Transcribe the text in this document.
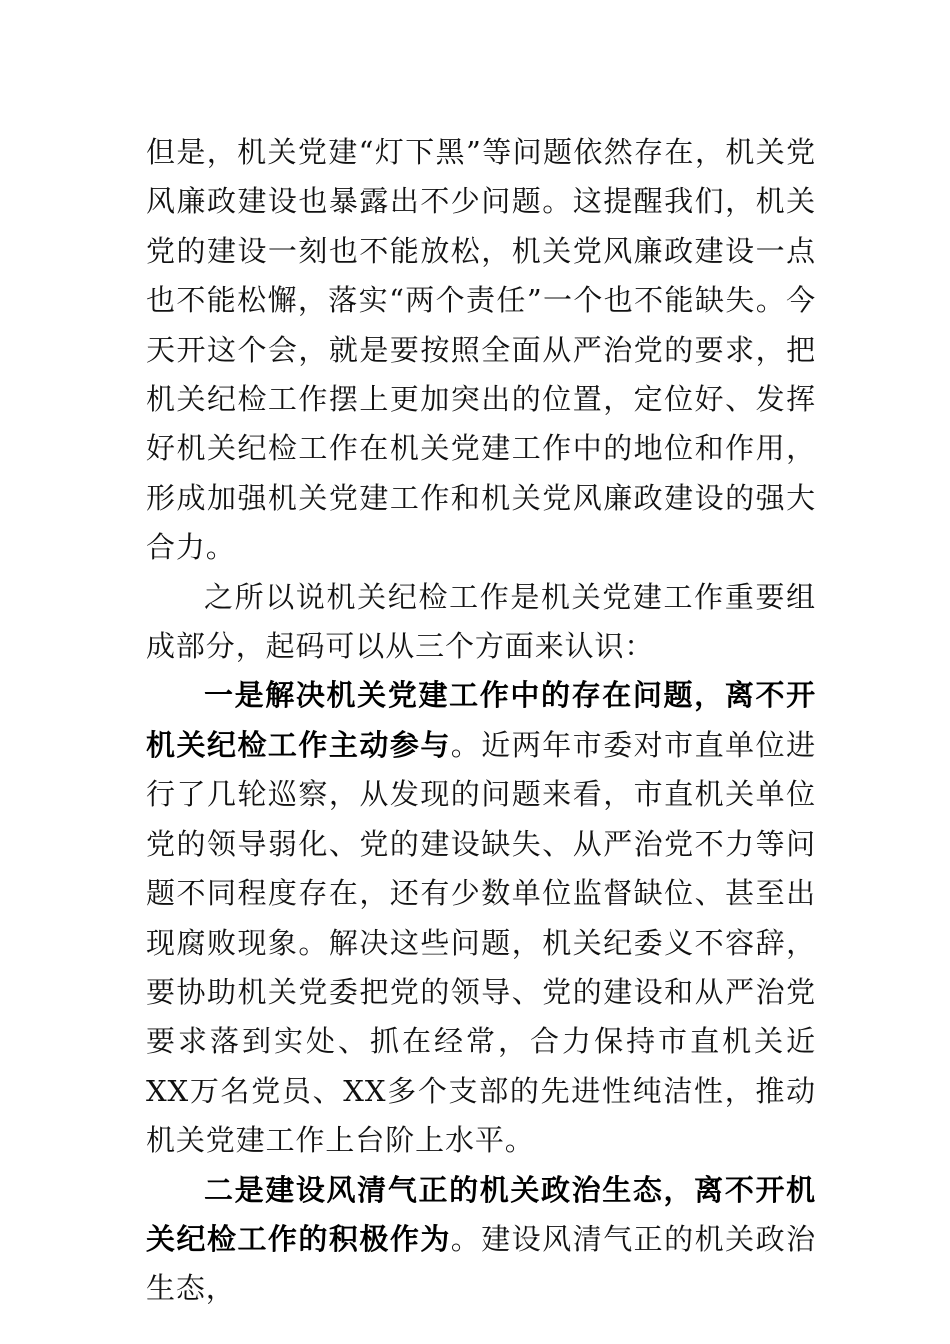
但是，机关党建“灯下黑”等问题依然存在，机关党风廉政建设也暴露出不少问题。这提醒我们，机关党的建设一刻也不能放松，机关党风廉政建设一点也不能松懈，落实“两个责任”一个也不能缺失。今天开这个会，就是要按照全面从严治党的要求，把机关纪检工作摆上更加突出的位置，定位好、发挥好机关纪检工作在机关党建工作中的地位和作用，形成加强机关党建工作和机关党风廉政建设的强大合力。

之所以说机关纪检工作是机关党建工作重要组成部分，起码可以从三个方面来认识：

一是解决机关党建工作中的存在问题，离不开机关纪检工作主动参与。近两年市委对市直单位进行了几轮巡察，从发现的问题来看，市直机关单位党的领导弱化、党的建设缺失、从严治党不力等问题不同程度存在，还有少数单位监督缺位、甚至出现腐败现象。解决这些问题，机关纪委义不容辞，要协助机关党委把党的领导、党的建设和从严治党要求落到实处、抓在经常，合力保持市直机关近XX万名党员、XX多个支部的先进性纯洁性，推动机关党建工作上台阶上水平。

二是建设风清气正的机关政治生态，离不开机关纪检工作的积极作为。建设风清气正的机关政治生态，
